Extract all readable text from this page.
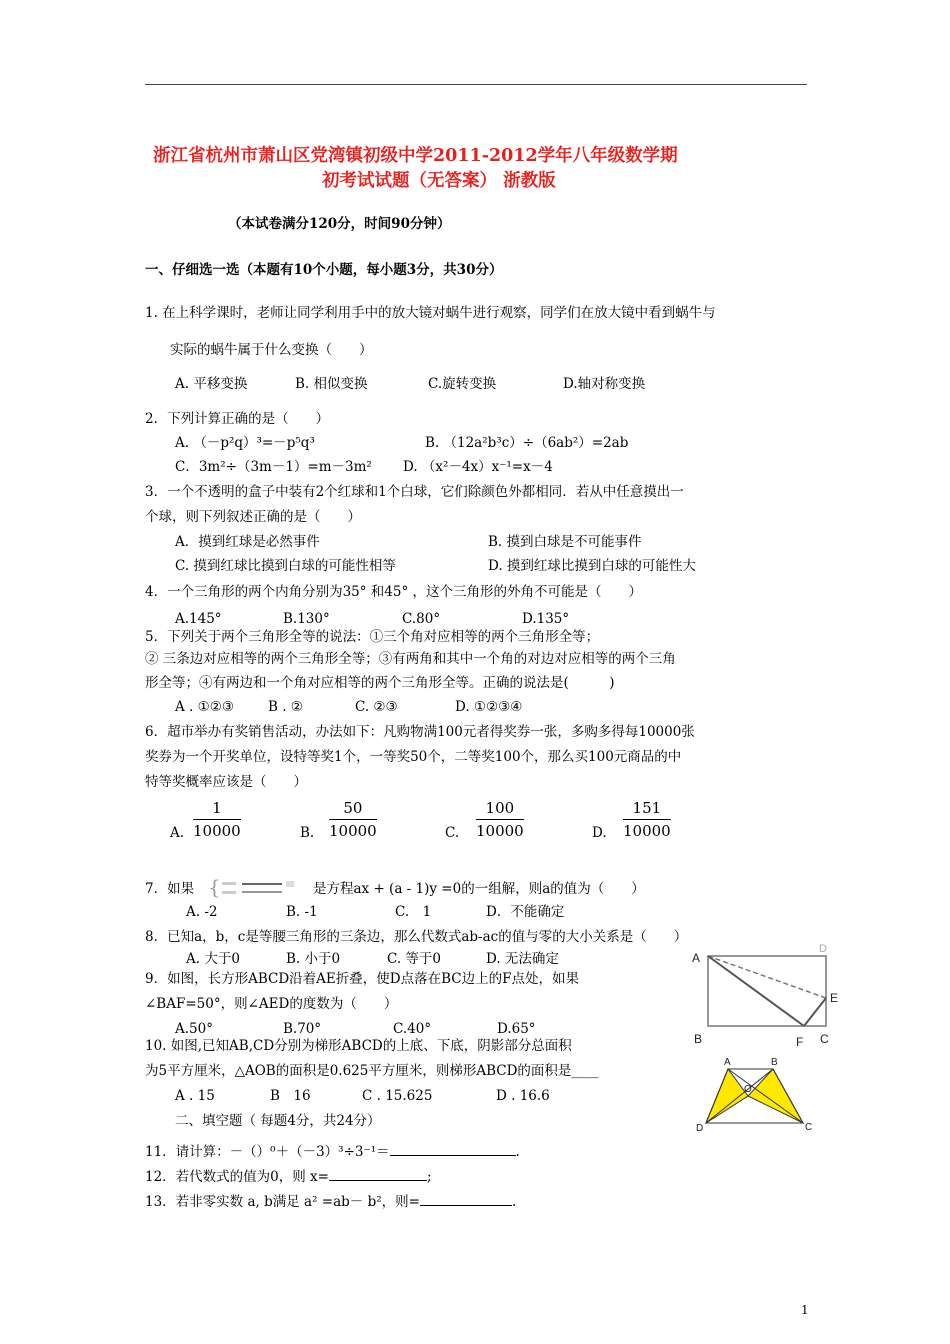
浙江省杭州市萧山区党湾镇初级中学2011-2012学年八年级数学期
初考试试题（无答案） 浙教版
（本试卷满分120分，时间90分钟）
一、仔细选一选（本题有10个小题，每小题3分，共30分）
1. 在上科学课时，老师让同学利用手中的放大镜对蜗牛进行观察，同学们在放大镜中看到蜗牛与
实际的蜗牛属于什么变换（　　）
A. 平移变换	B. 相似变换	C.旋转变换	D.轴对称变换
2．下列计算正确的是（　　）
A. （－p²q）³=－p⁵q³	B. （12a²b³c）÷（6ab²）=2ab
C．3m²÷（3m－1）=m－3m² D. （x²－4x）x⁻¹=x－4
3．一个不透明的盒子中装有2个红球和1个白球，它们除颜色外都相同．若从中任意摸出一
个球，则下列叙述正确的是（　　）
A．摸到红球是必然事件	B. 摸到白球是不可能事件
C. 摸到红球比摸到白球的可能性相等	D. 摸到红球比摸到白球的可能性大
4．一个三角形的两个内角分别为35° 和45° ，这个三角形的外角不可能是（　　）
A.145°	B.130°	C.80°	D.135°
5．下列关于两个三角形全等的说法：①三个角对应相等的两个三角形全等；
② 三条边对应相等的两个三角形全等；③有两角和其中一个角的对边对应相等的两个三角
形全等；④有两边和一个角对应相等的两个三角形全等。正确的说法是(　　　)
A . ①②③	B . ②	C. ②③	D. ①②③④
6．超市举办有奖销售活动，办法如下：凡购物满100元者得奖券一张，多购多得每10000张
奖券为一个开奖单位，设特等奖1个，一等奖50个，二等奖100个，那么买100元商品的中
特等奖概率应该是（　　）
A. $\frac{1}{10000}$	B. $\frac{50}{10000}$	C. $\frac{100}{10000}$	D. $\frac{151}{10000}$
7．如果 {	是方程ax + (a - 1)y =0的一组解，则a的值为（　　）
A. -2	B. -1	C.　1	D．不能确定
8．已知a，b，c是等腰三角形的三条边，那么代数式ab-ac的值与零的大小关系是（　　）
A. 大于0	B. 小于0	C. 等于0	D. 无法确定
9．如图，长方形ABCD沿着AE折叠，使D点落在BC边上的F点处，如果
∠BAF=50°，则∠AED的度数为（　　）
A.50°	B.70°	C.40°	D.65°
A
D
E
B	F C
10. 如图,已知AB,CD分别为梯形ABCD的上底、下底，阴影部分总面积
为5平方厘米，△AOB的面积是0.625平方厘米，则梯形ABCD的面积是____
A . 15	B　16	C . 15.625	D . 16.6
A	B
O
D	C
二、填空题（ 每题4分，共24分）
11．请计算：－（）⁰＋（－3）³÷3⁻¹＝	.
12．若代数式的值为0，则 x=	;
13．若非零实数 a, b满足 a² =ab－ b²，则=	.
1
